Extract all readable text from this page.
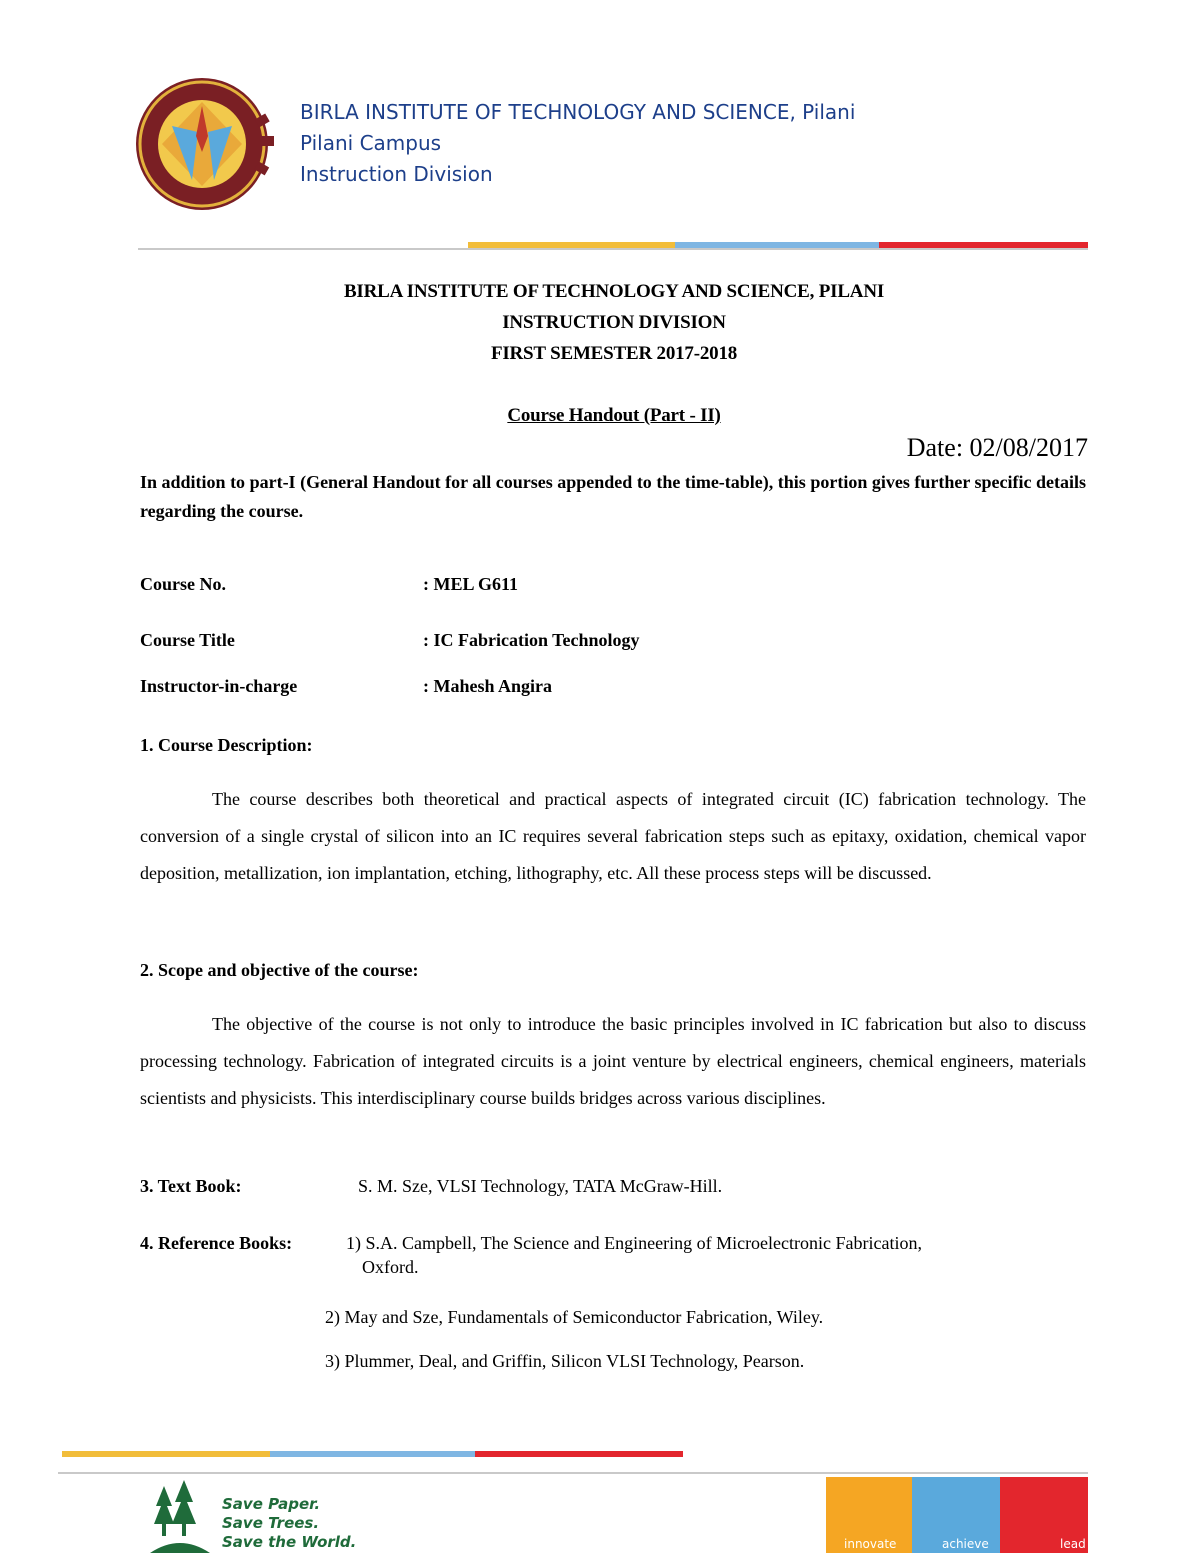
BIRLA INSTITUTE OF TECHNOLOGY AND SCIENCE, Pilani
Pilani Campus
Instruction Division
BIRLA INSTITUTE OF TECHNOLOGY AND SCIENCE, PILANI
INSTRUCTION DIVISION
FIRST SEMESTER 2017-2018
Course Handout (Part - II)
Date: 02/08/2017
In addition to part-I (General Handout for all courses appended to the time-table), this portion gives further specific details regarding the course.
Course No.	: MEL G611
Course Title	: IC Fabrication Technology
Instructor-in-charge	: Mahesh Angira
1. Course Description:
The course describes both theoretical and practical aspects of integrated circuit (IC) fabrication technology. The conversion of a single crystal of silicon into an IC requires several fabrication steps such as epitaxy, oxidation, chemical vapor deposition, metallization, ion implantation, etching, lithography, etc. All these process steps will be discussed.
2. Scope and objective of the course:
The objective of the course is not only to introduce the basic principles involved in IC fabrication but also to discuss processing technology. Fabrication of integrated circuits is a joint venture by electrical engineers, chemical engineers, materials scientists and physicists. This interdisciplinary course builds bridges across various disciplines.
3. Text Book:	S. M. Sze, VLSI Technology, TATA McGraw-Hill.
4. Reference Books:	1) S.A. Campbell, The Science and Engineering of Microelectronic Fabrication,
Oxford.
2) May and Sze, Fundamentals of Semiconductor Fabrication, Wiley.
3) Plummer, Deal, and Griffin, Silicon VLSI Technology, Pearson.
Save Paper.
Save Trees.
Save the World.	innovate	achieve	lead
